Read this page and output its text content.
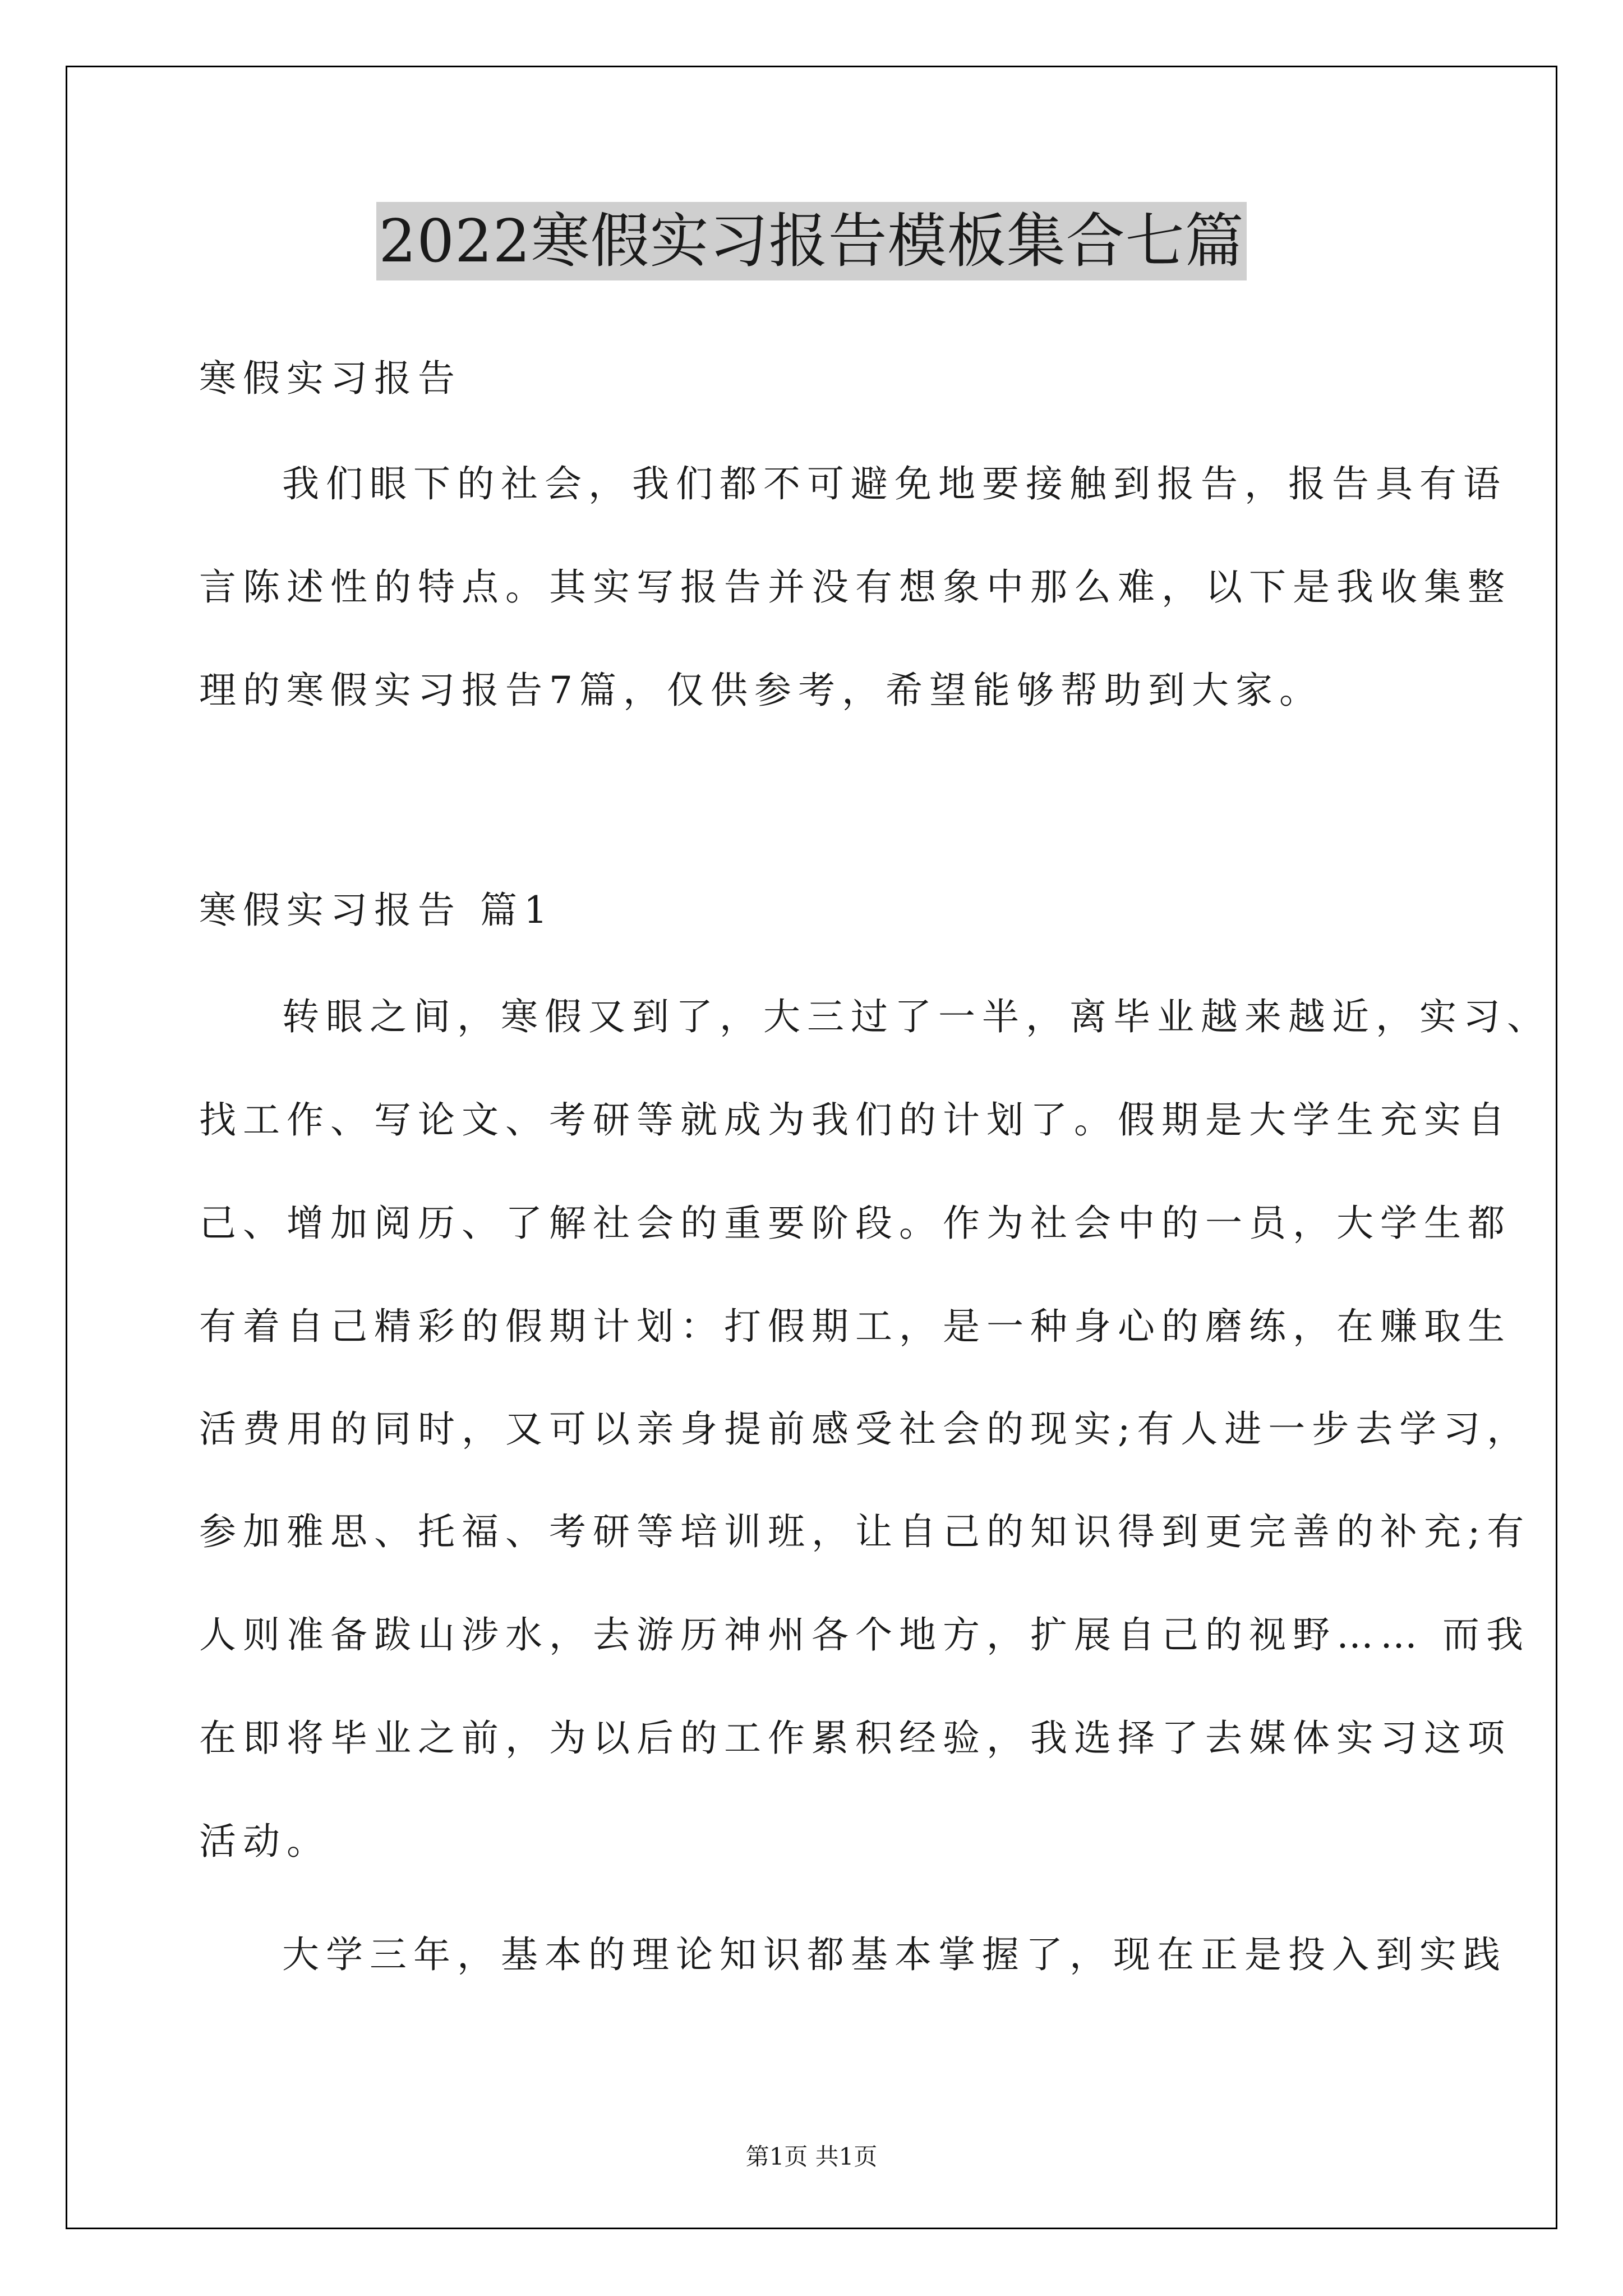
2022寒假实习报告模板集合七篇
寒假实习报告
我们眼下的社会，我们都不可避免地要接触到报告，报告具有语
言陈述性的特点。其实写报告并没有想象中那么难，以下是我收集整
理的寒假实习报告7篇，仅供参考，希望能够帮助到大家。
寒假实习报告 篇1
转眼之间，寒假又到了，大三过了一半，离毕业越来越近，实习、
找工作、写论文、考研等就成为我们的计划了。假期是大学生充实自
己、增加阅历、了解社会的重要阶段。作为社会中的一员，大学生都
有着自己精彩的假期计划：打假期工，是一种身心的磨练，在赚取生
活费用的同时，又可以亲身提前感受社会的现实;有人进一步去学习，
参加雅思、托福、考研等培训班，让自己的知识得到更完善的补充;有
人则准备跋山涉水，去游历神州各个地方，扩展自己的视野…… 而我
在即将毕业之前，为以后的工作累积经验，我选择了去媒体实习这项
活动。
大学三年，基本的理论知识都基本掌握了，现在正是投入到实践
第1页 共1页
